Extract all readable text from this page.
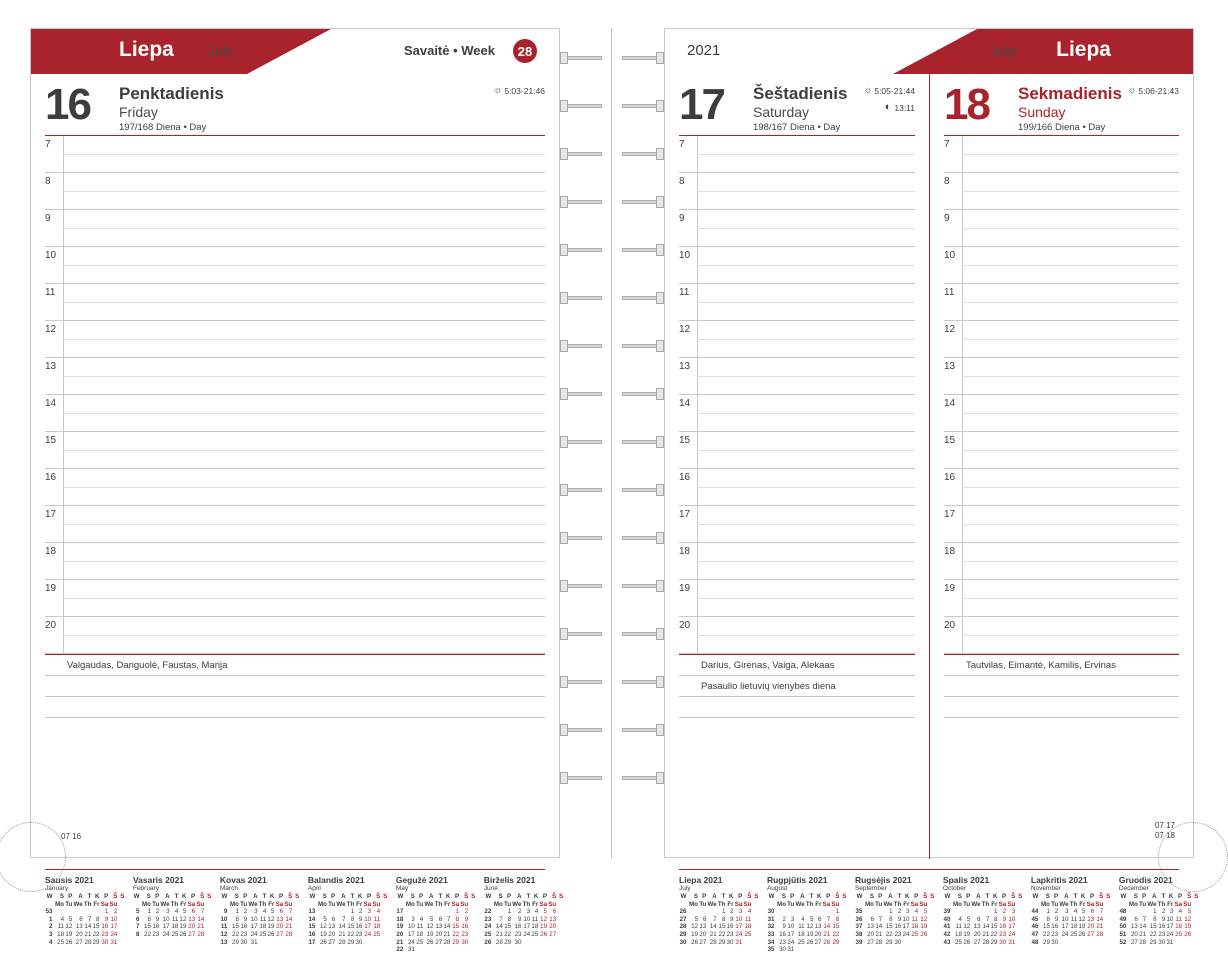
Liepa July	Savaitė • Week	28
16 Penktadienis
Friday
197/168 Diena • Day
☼ 5:03-21:46
7
8
9
10
11
12
13
14
15
16
17
18
19
20
Valgaudas, Danguolė, Faustas, Marija

Sausis 2021
January
W	S	P	A	T	K	P	Š	S
	Mo	Tu	We	Th	Fr	Sa	Su	
53						1	2	
1	4	5	6	7	8	9	10	
2	11	12	13	14	15	16	17	
3	18	19	20	21	22	23	24	
4	25	26	27	28	29	30	31	
Vasaris 2021
February
W	S	P	A	T	K	P	Š	S
	Mo	Tu	We	Th	Fr	Sa	Su	
5	1	2	3	4	5	6	7	
6	8	9	10	11	12	13	14	
7	15	16	17	18	19	20	21	
8	22	23	24	25	26	27	28	
Kovas 2021
March
W	S	P	A	T	K	P	Š	S
	Mo	Tu	We	Th	Fr	Sa	Su	
9	1	2	3	4	5	6	7	
10	8	9	10	11	12	13	14	
11	15	16	17	18	19	20	21	
12	22	23	24	25	26	27	28	
13	29	30	31					
Balandis 2021
April
W	S	P	A	T	K	P	Š	S
	Mo	Tu	We	Th	Fr	Sa	Su	
13				1	2	3	4	
14	5	6	7	8	9	10	11	
15	12	13	14	15	16	17	18	
16	19	20	21	22	23	24	25	
17	26	27	28	29	30			
Gegužė 2021
May
W	S	P	A	T	K	P	Š	S
	Mo	Tu	We	Th	Fr	Sa	Su	
17						1	2	
18	3	4	5	6	7	8	9	
19	10	11	12	13	14	15	16	
20	17	18	19	20	21	22	23	
21	24	25	26	27	28	29	30	
22	31							
Birželis 2021
June
W	S	P	A	T	K	P	Š	S
	Mo	Tu	We	Th	Fr	Sa	Su	
22		1	2	3	4	5	6	
23	7	8	9	10	11	12	13	
24	14	15	16	17	18	19	20	
25	21	22	23	24	25	26	27	
26	28	29	30					
07 16
2021	July Liepa
17 Šeštadienis
Saturday
198/167 Diena • Day
☼ 5:05-21:44
◐ 13:11
7
8
9
10
11
12
13
14
15
16
17
18
19
20
Darius, Girėnas, Vaiga, Alekaas
Pasaulio lietuvių vienybės diena

18 Sekmadienis
Sunday
199/166 Diena • Day
☼ 5:06-21:43
7
8
9
10
11
12
13
14
15
16
17
18
19
20
Tautvilas, Eimantė, Kamilis, Ervinas

Liepa 2021
July
W	S	P	A	T	K	P	Š	S
	Mo	Tu	We	Th	Fr	Sa	Su	
26				1	2	3	4	
27	5	6	7	8	9	10	11	
28	12	13	14	15	16	17	18	
29	19	20	21	22	23	24	25	
30	26	27	28	29	30	31		
Rugpjūtis 2021
August
W	S	P	A	T	K	P	Š	S
	Mo	Tu	We	Th	Fr	Sa	Su	
30							1	
31	2	3	4	5	6	7	8	
32	9	10	11	12	13	14	15	
33	16	17	18	19	20	21	22	
34	23	24	25	26	27	28	29	
35	30	31						
Rugsėjis 2021
September
W	S	P	A	T	K	P	Š	S
	Mo	Tu	We	Th	Fr	Sa	Su	
35			1	2	3	4	5	
36	6	7	8	9	10	11	12	
37	13	14	15	16	17	18	19	
38	20	21	22	23	24	25	26	
39	27	28	29	30				
Spalis 2021
October
W	S	P	A	T	K	P	Š	S
	Mo	Tu	We	Th	Fr	Sa	Su	
39					1	2	3	
40	4	5	6	7	8	9	10	
41	11	12	13	14	15	16	17	
42	18	19	20	21	22	23	24	
43	25	26	27	28	29	30	31	
Lapkritis 2021
November
W	S	P	A	T	K	P	Š	S
	Mo	Tu	We	Th	Fr	Sa	Su	
44	1	2	3	4	5	6	7	
45	8	9	10	11	12	13	14	
46	15	16	17	18	19	20	21	
47	22	23	24	25	26	27	28	
48	29	30						
Gruodis 2021
December
W	S	P	A	T	K	P	Š	S
	Mo	Tu	We	Th	Fr	Sa	Su	
48			1	2	3	4	5	
49	6	7	8	9	10	11	12	
50	13	14	15	16	17	18	19	
51	20	21	22	23	24	25	26	
52	27	28	29	30	31			
07 17
07 18
